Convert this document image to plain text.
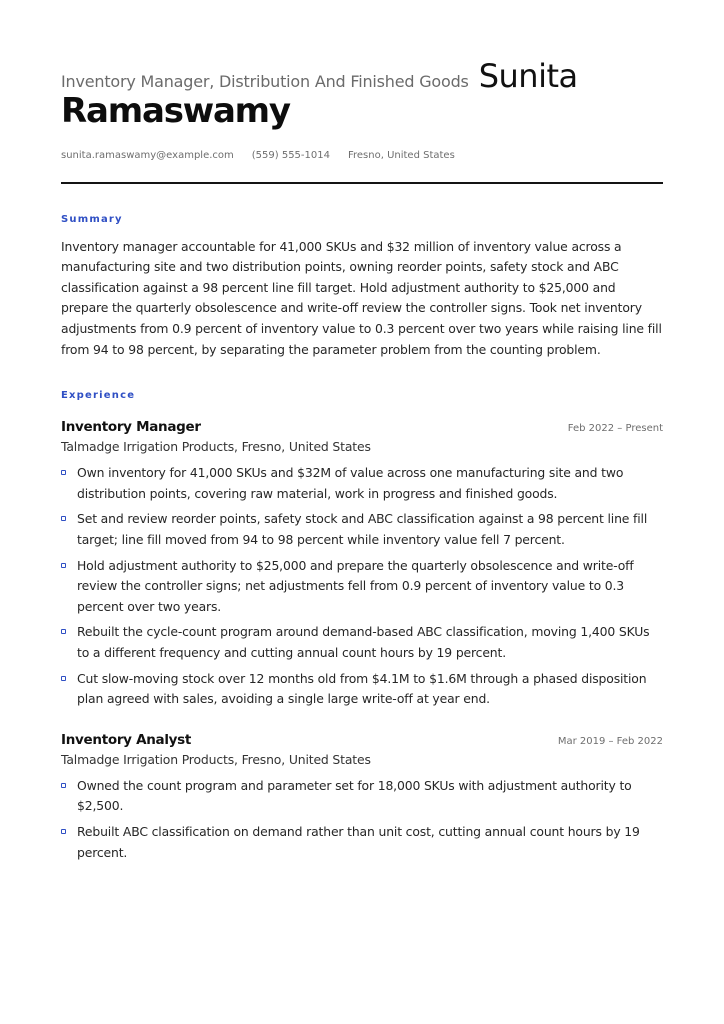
Inventory Manager, Distribution And Finished Goods Sunita
Ramaswamy
sunita.ramaswamy@example.com (559) 555-1014 Fresno, United States
Summary
Inventory manager accountable for 41,000 SKUs and $32 million of inventory value across a manufacturing site and two distribution points, owning reorder points, safety stock and ABC classification against a 98 percent line fill target. Hold adjustment authority to $25,000 and prepare the quarterly obsolescence and write-off review the controller signs. Took net inventory adjustments from 0.9 percent of inventory value to 0.3 percent over two years while raising line fill from 94 to 98 percent, by separating the parameter problem from the counting problem.
Experience
Inventory Manager	Feb 2022 – Present
Talmadge Irrigation Products, Fresno, United States
Own inventory for 41,000 SKUs and $32M of value across one manufacturing site and two distribution points, covering raw material, work in progress and finished goods.
Set and review reorder points, safety stock and ABC classification against a 98 percent line fill target; line fill moved from 94 to 98 percent while inventory value fell 7 percent.
Hold adjustment authority to $25,000 and prepare the quarterly obsolescence and write-off review the controller signs; net adjustments fell from 0.9 percent of inventory value to 0.3 percent over two years.
Rebuilt the cycle-count program around demand-based ABC classification, moving 1,400 SKUs to a different frequency and cutting annual count hours by 19 percent.
Cut slow-moving stock over 12 months old from $4.1M to $1.6M through a phased disposition plan agreed with sales, avoiding a single large write-off at year end.
Inventory Analyst	Mar 2019 – Feb 2022
Talmadge Irrigation Products, Fresno, United States
Owned the count program and parameter set for 18,000 SKUs with adjustment authority to $2,500.
Rebuilt ABC classification on demand rather than unit cost, cutting annual count hours by 19 percent.
